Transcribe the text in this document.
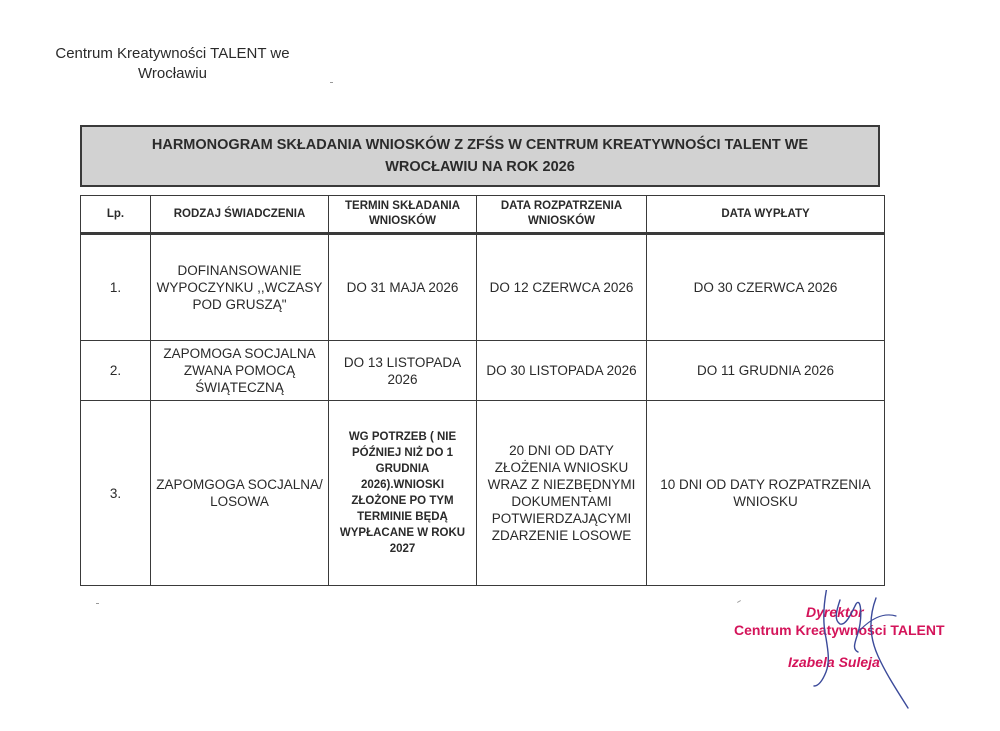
Centrum Kreatywności TALENT we
Wrocławiu
HARMONOGRAM SKŁADANIA WNIOSKÓW Z ZFŚS W CENTRUM KREATYWNOŚCI TALENT WE
WROCŁAWIU NA ROK 2026
Lp.	RODZAJ ŚWIADCZENIA	TERMIN SKŁADANIA WNIOSKÓW	DATA ROZPATRZENIA WNIOSKÓW	DATA WYPŁATY
1.	DOFINANSOWANIE WYPOCZYNKU ,,WCZASY POD GRUSZĄ"	DO 31 MAJA 2026	DO 12 CZERWCA 2026	DO 30 CZERWCA 2026
2.	ZAPOMOGA SOCJALNA ZWANA POMOCĄ ŚWIĄTECZNĄ	DO 13 LISTOPADA 2026	DO 30 LISTOPADA 2026	DO 11 GRUDNIA 2026
3.	ZAPOMGOGA SOCJALNA/ LOSOWA	WG POTRZEB ( NIE PÓŹNIEJ NIŻ DO 1 GRUDNIA 2026).WNIOSKI ZŁOŻONE PO TYM TERMINIE BĘDĄ WYPŁACANE W ROKU 2027	20 DNI OD DATY ZŁOŻENIA WNIOSKU WRAZ Z NIEZBĘDNYMI DOKUMENTAMI POTWIERDZAJĄCYMI ZDARZENIE LOSOWE	10 DNI OD DATY ROZPATRZENIA WNIOSKU
Dyrektor
Centrum Kreatywności TALENT
Izabela Suleja
